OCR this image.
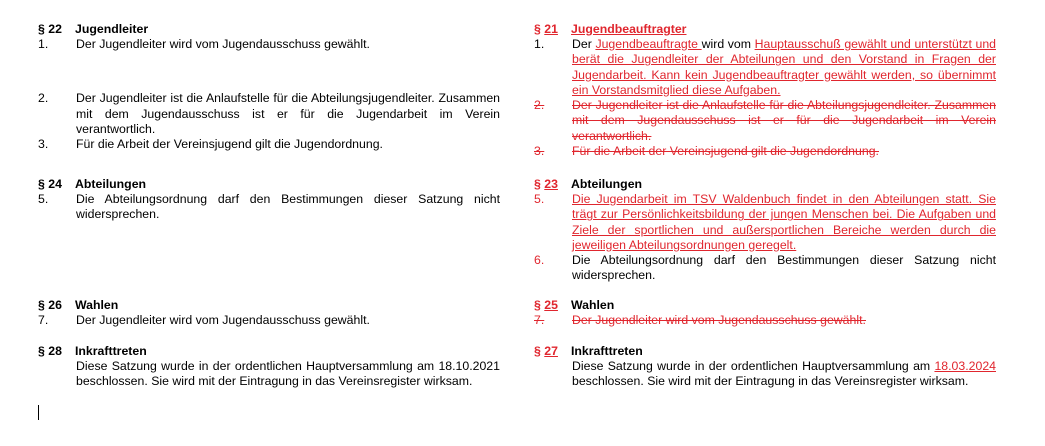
§ 22 Jugendleiter
1.	Der Jugendleiter wird vom Jugendausschuss gewählt.
2.	Der Jugendleiter ist die Anlaufstelle für die Abteilungsjugendleiter. Zusammen mit dem Jugendausschuss ist er für die Jugendarbeit im Verein verantwortlich.
3.	Für die Arbeit der Vereinsjugend gilt die Jugendordnung.
§ 24 Abteilungen
5.	Die Abteilungsordnung darf den Bestimmungen dieser Satzung nicht widersprechen.
§ 26 Wahlen
7.	Der Jugendleiter wird vom Jugendausschuss gewählt.
§ 28 Inkrafttreten
Diese Satzung wurde in der ordentlichen Hauptversammlung am 18.10.2021 beschlossen. Sie wird mit der Eintragung in das Vereinsregister wirksam.
§ 21 Jugendbeauftragter
1.	Der Jugendbeauftragte wird vom Hauptausschuß gewählt und unterstützt und berät die Jugendleiter der Abteilungen und den Vorstand in Fragen der Jugendarbeit. Kann kein Jugendbeauftragter gewählt werden, so übernimmt ein Vorstandsmitglied diese Aufgaben.
2.	Der Jugendleiter ist die Anlaufstelle für die Abteilungsjugendleiter. Zusammen mit dem Jugendausschuss ist er für die Jugendarbeit im Verein verantwortlich.
3.	Für die Arbeit der Vereinsjugend gilt die Jugendordnung.
§ 23 Abteilungen
5.	Die Jugendarbeit im TSV Waldenbuch findet in den Abteilungen statt. Sie trägt zur Persönlichkeitsbildung der jungen Menschen bei. Die Aufgaben und Ziele der sportlichen und außersportlichen Bereiche werden durch die jeweiligen Abteilungsordnungen geregelt.
6.	Die Abteilungsordnung darf den Bestimmungen dieser Satzung nicht widersprechen.
§ 25 Wahlen
7.	Der Jugendleiter wird vom Jugendausschuss gewählt.
§ 27 Inkrafttreten
Diese Satzung wurde in der ordentlichen Hauptversammlung am 18.03.2024 beschlossen. Sie wird mit der Eintragung in das Vereinsregister wirksam.
